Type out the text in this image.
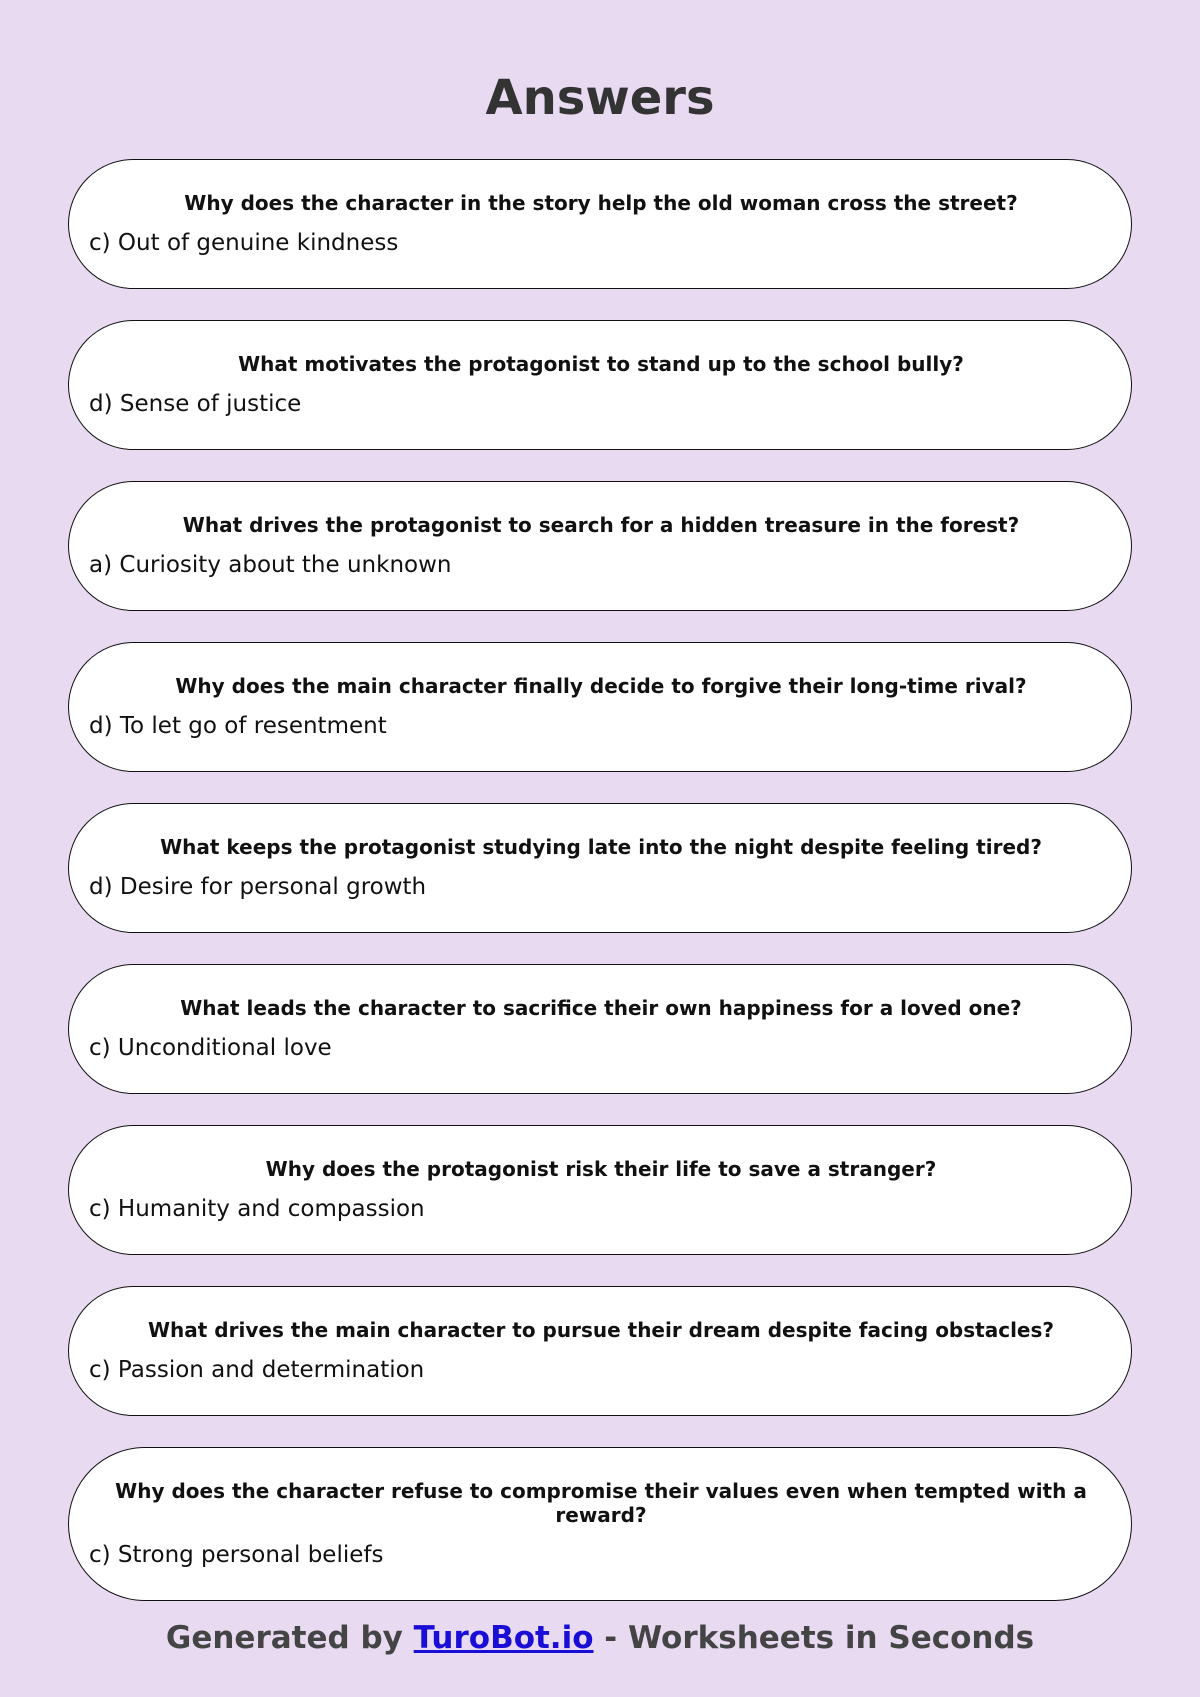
Answers

Why does the character in the story help the old woman cross the street?

c) Out of genuine kindness

What motivates the protagonist to stand up to the school bully?

d) Sense of justice

What drives the protagonist to search for a hidden treasure in the forest?

a) Curiosity about the unknown

Why does the main character finally decide to forgive their long-time rival?

d) To let go of resentment

What keeps the protagonist studying late into the night despite feeling tired?

d) Desire for personal growth

What leads the character to sacrifice their own happiness for a loved one?

c) Unconditional love

Why does the protagonist risk their life to save a stranger?

c) Humanity and compassion

What drives the main character to pursue their dream despite facing obstacles?

c) Passion and determination

Why does the character refuse to compromise their values even when tempted with a reward?

c) Strong personal beliefs

Generated by TuroBot.io - Worksheets in Seconds
